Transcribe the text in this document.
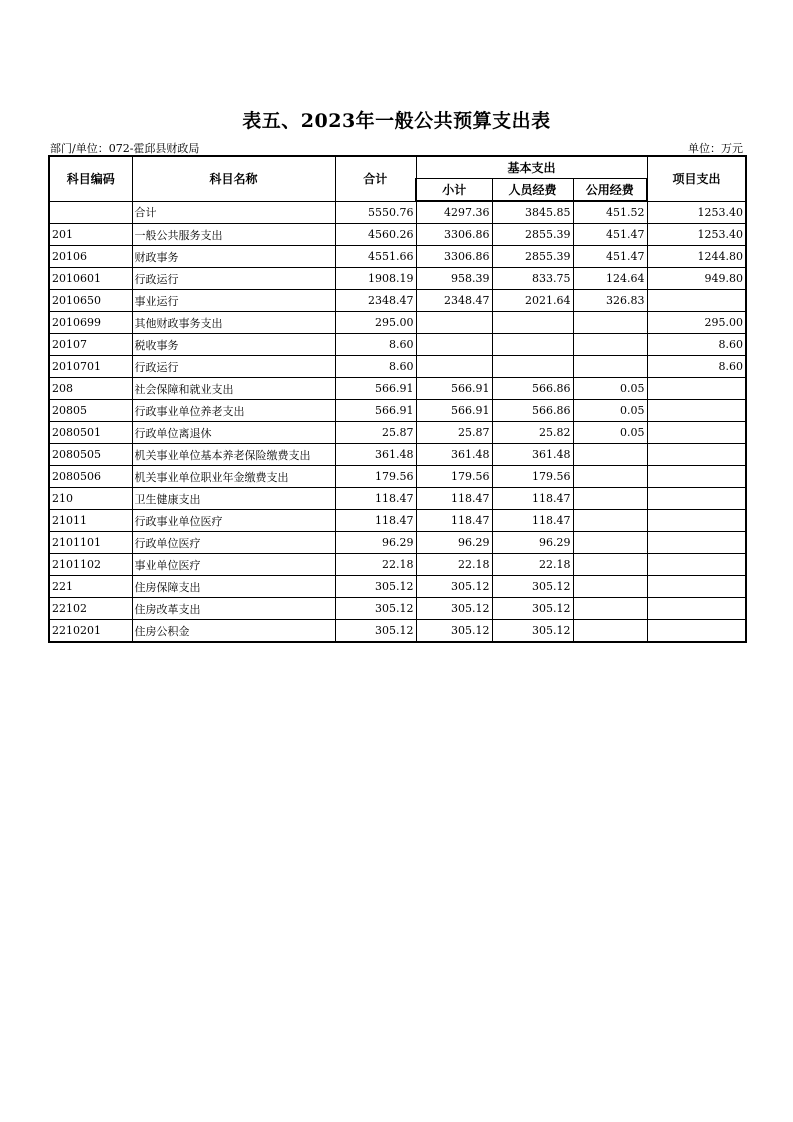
表五、2023年一般公共预算支出表
部门/单位：072-霍邱县财政局	单位：万元
科目编码	科目名称	合计	基本支出			项目支出
			小计	人员经费	公用经费	
	合计	5550.76	4297.36	3845.85	451.52	1253.40
201	一般公共服务支出	4560.26	3306.86	2855.39	451.47	1253.40
20106	财政事务	4551.66	3306.86	2855.39	451.47	1244.80
2010601	行政运行	1908.19	958.39	833.75	124.64	949.80
2010650	事业运行	2348.47	2348.47	2021.64	326.83	
2010699	其他财政事务支出	295.00				295.00
20107	税收事务	8.60				8.60
2010701	行政运行	8.60				8.60
208	社会保障和就业支出	566.91	566.91	566.86	0.05	
20805	行政事业单位养老支出	566.91	566.91	566.86	0.05	
2080501	行政单位离退休	25.87	25.87	25.82	0.05	
2080505	机关事业单位基本养老保险缴费支出	361.48	361.48	361.48		
2080506	机关事业单位职业年金缴费支出	179.56	179.56	179.56		
210	卫生健康支出	118.47	118.47	118.47		
21011	行政事业单位医疗	118.47	118.47	118.47		
2101101	行政单位医疗	96.29	96.29	96.29		
2101102	事业单位医疗	22.18	22.18	22.18		
221	住房保障支出	305.12	305.12	305.12		
22102	住房改革支出	305.12	305.12	305.12		
2210201	住房公积金	305.12	305.12	305.12		
